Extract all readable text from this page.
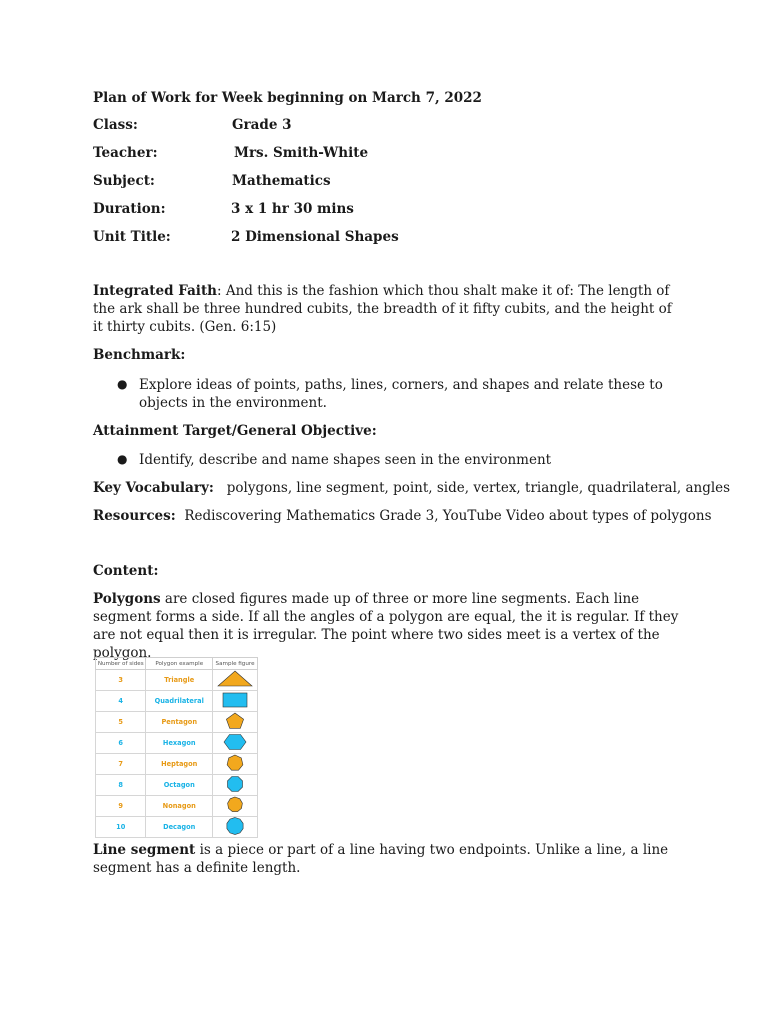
Plan of Work for Week beginning on March 7, 2022
Class:	Grade 3
Teacher:	Mrs. Smith-White
Subject:	Mathematics
Duration:	3 x 1 hr 30 mins
Unit Title:	2 Dimensional Shapes
Integrated Faith: And this is the fashion which thou shalt make it of: The length of the ark shall be three hundred cubits, the breadth of it fifty cubits, and the height of it thirty cubits. (Gen. 6:15)
Benchmark:
● Explore ideas of points, paths, lines, corners, and shapes and relate these to objects in the environment.
Attainment Target/General Objective:
● Identify, describe and name shapes seen in the environment
Key Vocabulary: polygons, line segment, point, side, vertex, triangle, quadrilateral, angles
Resources: Rediscovering Mathematics Grade 3, YouTube Video about types of polygons
Content:
Polygons are closed figures made up of three or more line segments. Each line segment forms a side. If all the angles of a polygon are equal, the it is regular. If they are not equal then it is irregular. The point where two sides meet is a vertex of the polygon.
Number of sides	Polygon example	Sample figure
3	Triangle	
4	Quadrilateral	
5	Pentagon	
6	Hexagon	
7	Heptagon	
8	Octagon	
9	Nonagon	
10	Decagon	
Line segment is a piece or part of a line having two endpoints. Unlike a line, a line segment has a definite length.
